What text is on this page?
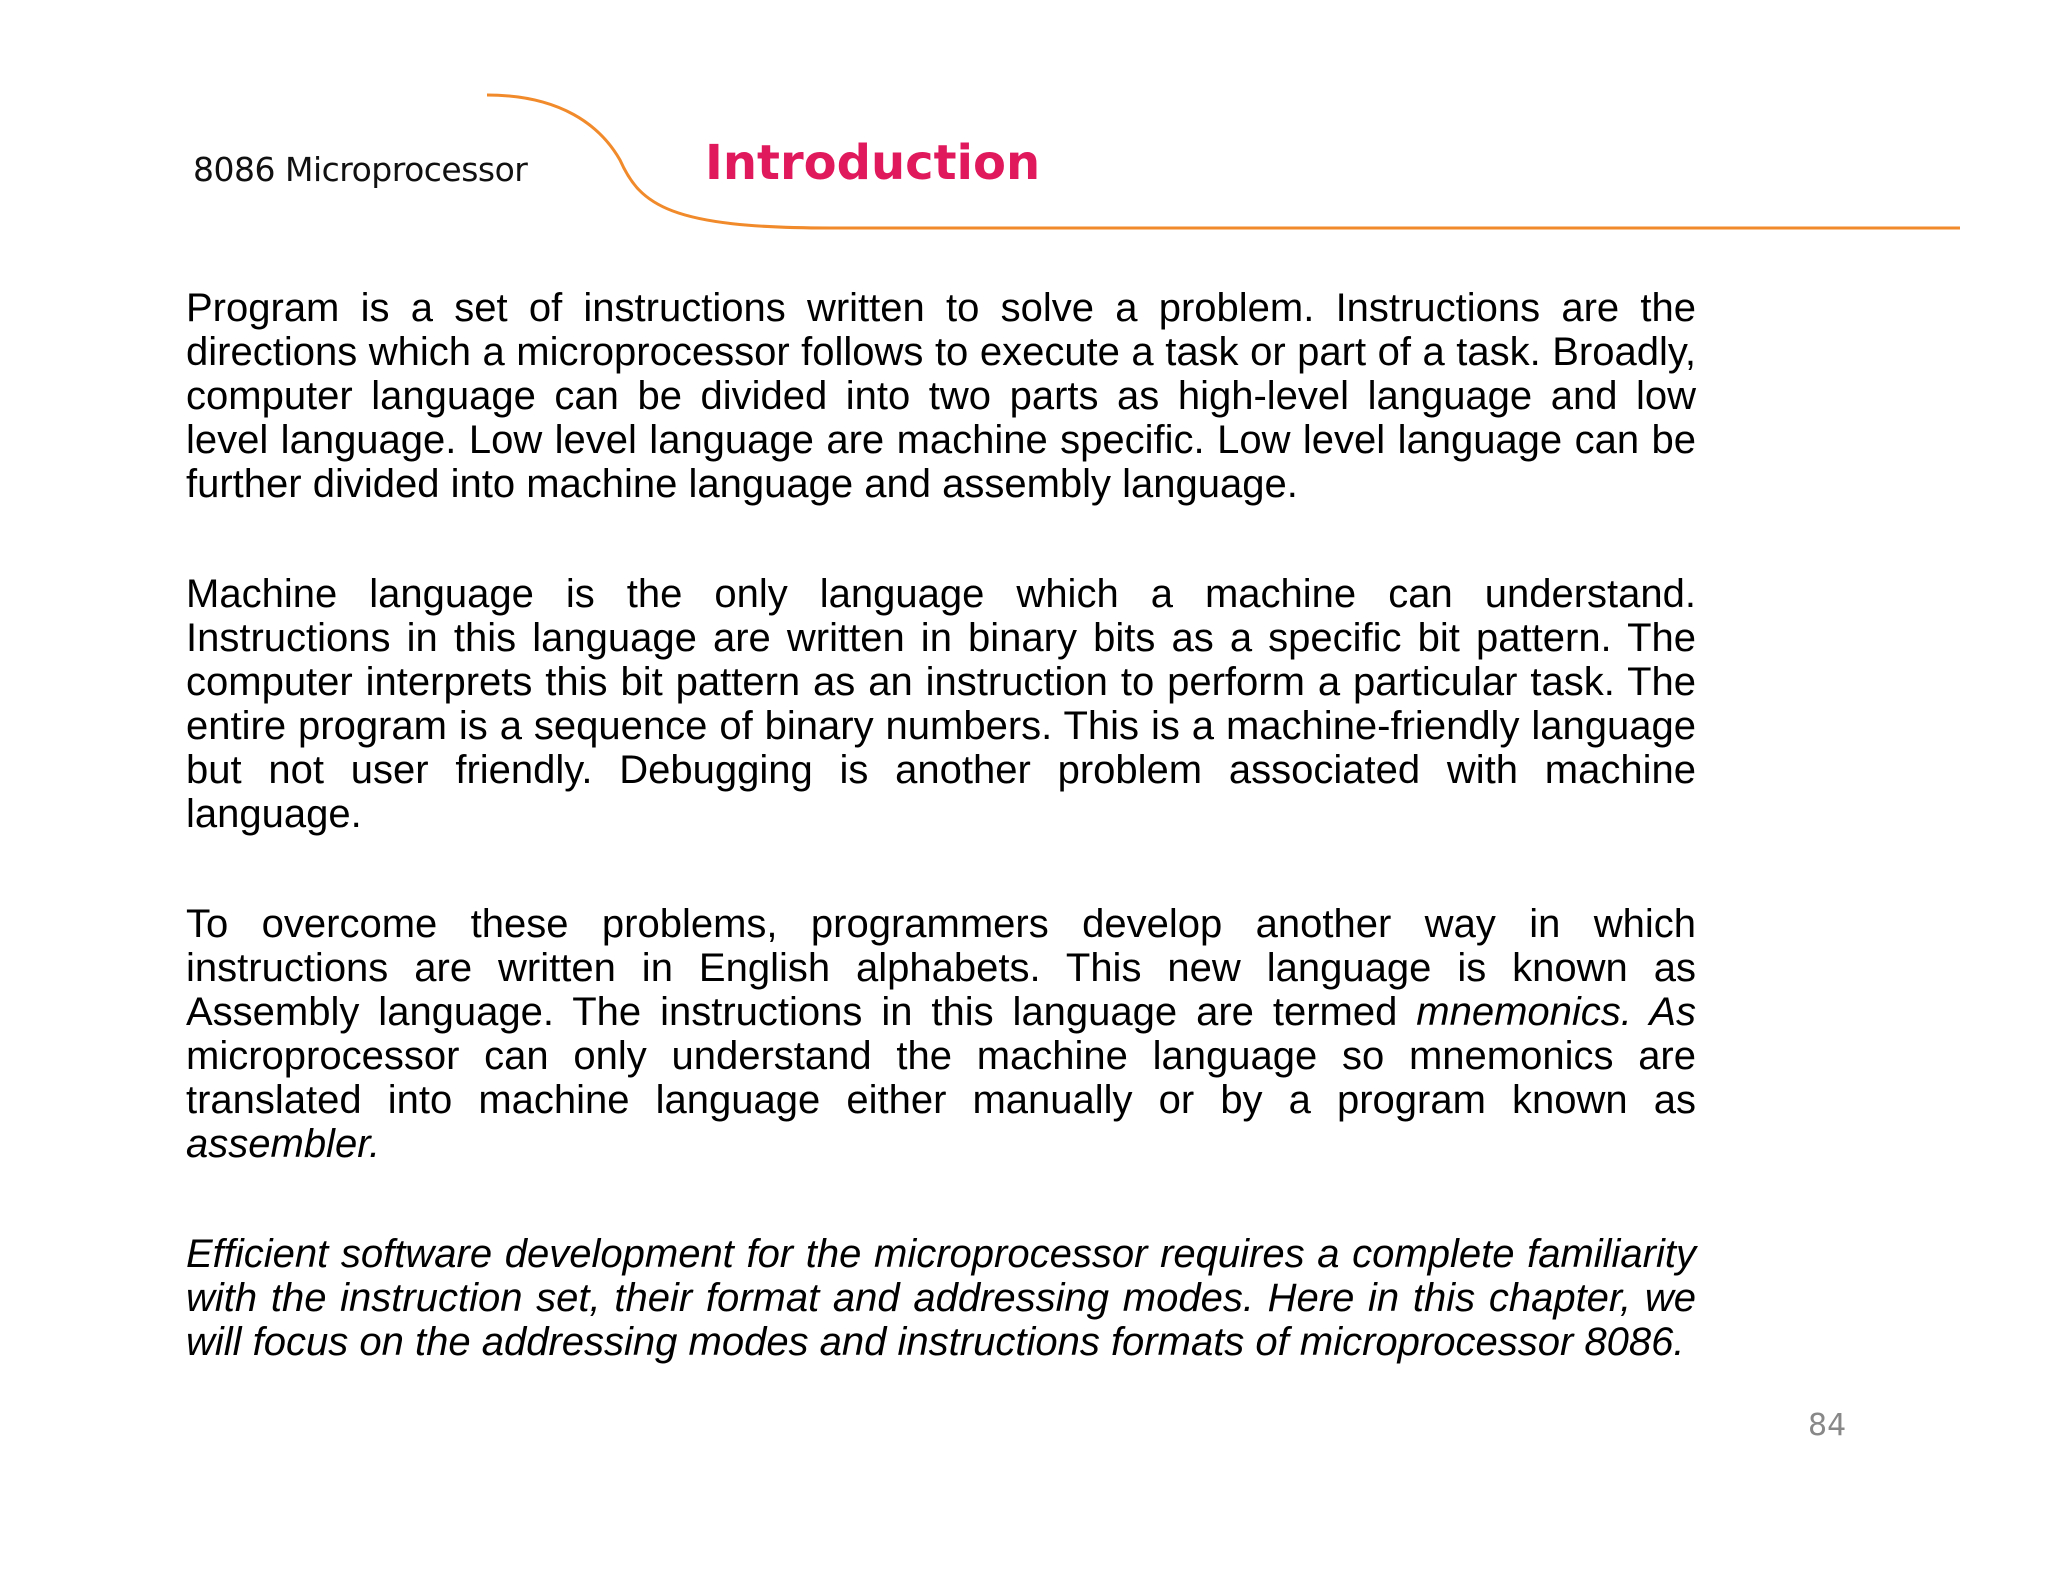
8086 Microprocessor	Introduction

Program is a set of instructions written to solve a problem. Instructions are the directions which a microprocessor follows to execute a task or part of a task. Broadly, computer language can be divided into two parts as high-level language and low level language. Low level language are machine specific. Low level language can be further divided into machine language and assembly language.

Machine language is the only language which a machine can understand. Instructions in this language are written in binary bits as a specific bit pattern. The computer interprets this bit pattern as an instruction to perform a particular task. The entire program is a sequence of binary numbers. This is a machine-friendly language but not user friendly. Debugging is another problem associated with machine language.

To overcome these problems, programmers develop another way in which instructions are written in English alphabets. This new language is known as Assembly language. The instructions in this language are termed mnemonics. As microprocessor can only understand the machine language so mnemonics are translated into machine language either manually or by a program known as assembler.

Efficient software development for the microprocessor requires a complete familiarity with the instruction set, their format and addressing modes. Here in this chapter, we will focus on the addressing modes and instructions formats of microprocessor 8086.

84
